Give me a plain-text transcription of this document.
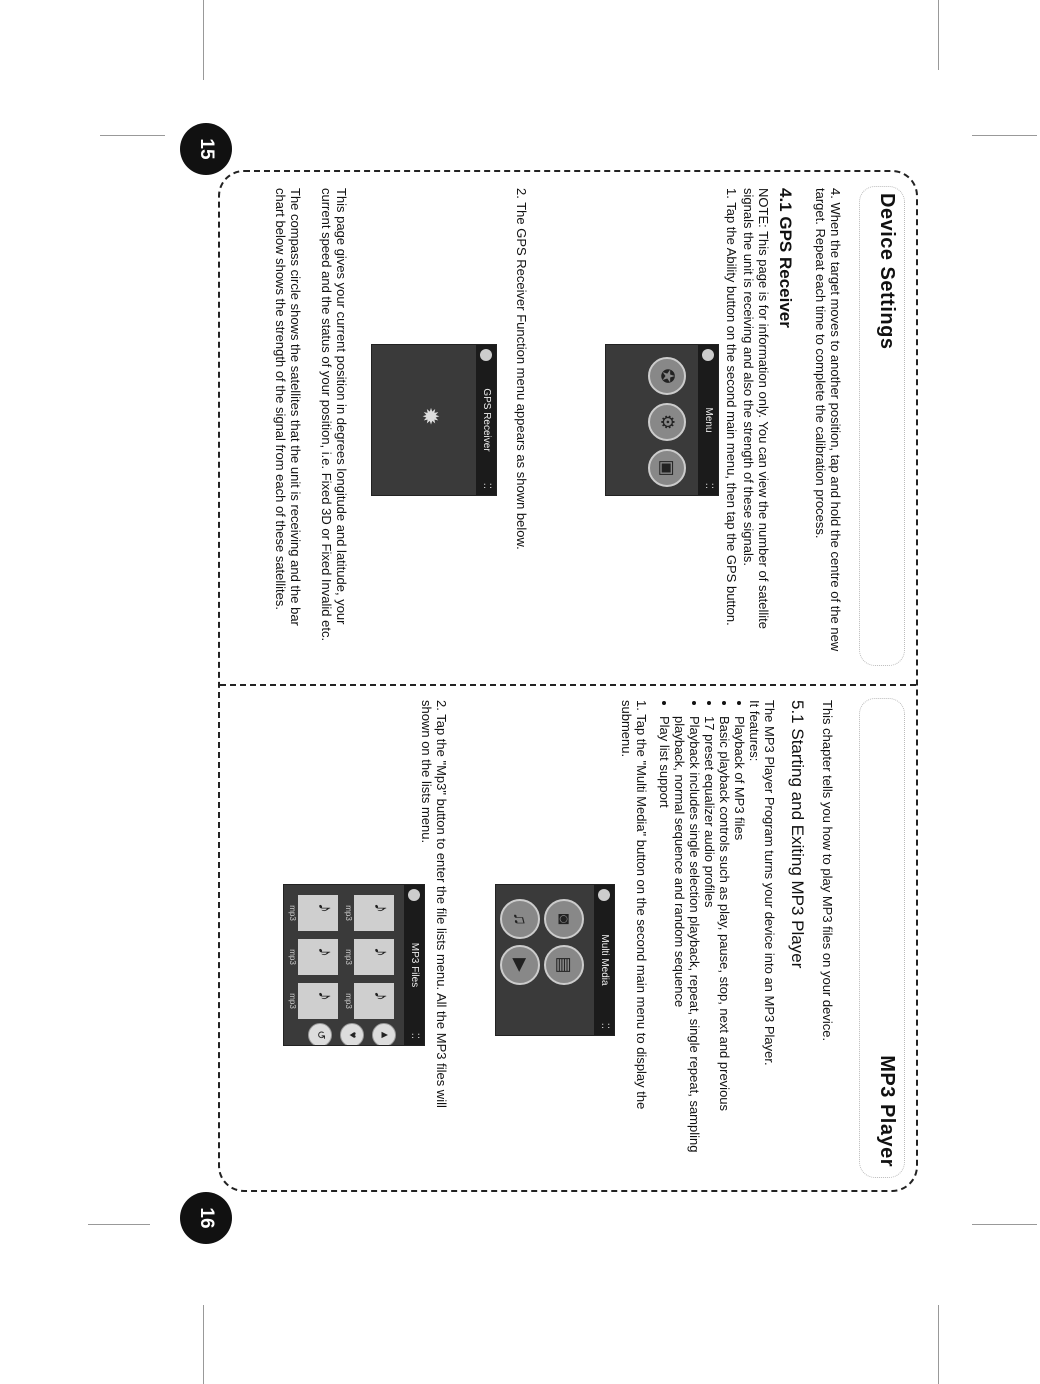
15
16
Device Settings
4. When the target moves to another position, tap and hold the centre of the new target. Repeat each time to complete the calibration process.
4.1 GPS Receiver
NOTE: This page is for information only. You can view the number of satellite signals the unit is receiving and also the strength of these signals.
1. Tap the Ability button on the second main menu, then tap the GPS button.
Menu
⁚⁚
✪
⚙
▣
2. The GPS Receiver Function menu appears as shown below.
GPS Receiver
⁚⁚
✹
This page gives your current position in degrees longitude and latitude, your current speed and the status of your position, i.e. Fixed 3D or Fixed Invalid etc.
The compass circle shows the satellites that the unit is receiving and the bar chart below shows the strength of the signal from each of these satellites.
MP3 Player
This chapter tells you how to play MP3 files on your device.
5.1 Starting and Exiting MP3 Player
The MP3 Player Program turns your device into an MP3 Player.
It features:
• Playback of MP3 files
• Basic playback controls such as play, pause, stop, next and previous
• 17 preset equalizer audio profiles
• Playback includes single selection playback, repeat, single repeat, sampling playback, normal sequence and random sequence
• Play list support
1. Tap the "Multi Media" button on the second main menu to display the submenu.
Multi Media
⁚⁚
◙
▤
♫
▶
2. Tap the "Mp3" button to enter the file lists menu. All the MP3 files will shown on the lists menu.
MP3 Files
⁚⁚
♪
mp3
♪
mp3
♪
mp3
♪
mp3
♪
mp3
♪
mp3
▲
♥
↺
